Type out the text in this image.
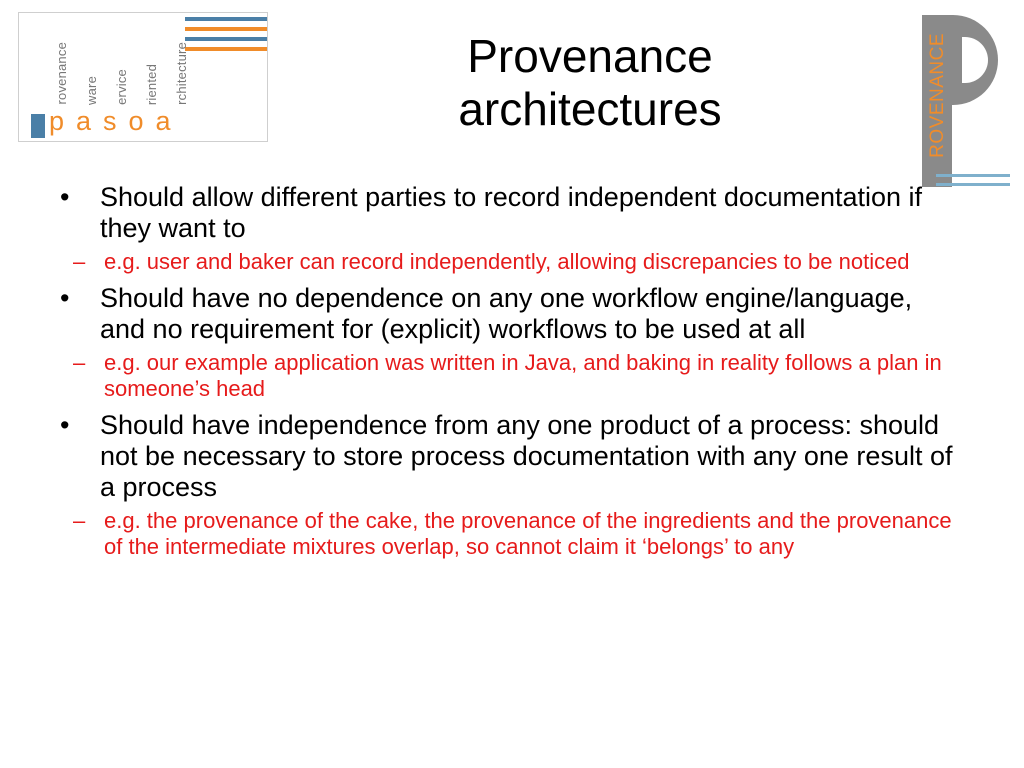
rovenance ware ervice riented rchitecture
pasoa	ROVENANCE
Provenance
architectures
• Should allow different parties to record independent documentation if they want to
– e.g. user and baker can record independently, allowing discrepancies to be noticed
• Should have no dependence on any one workflow engine/language, and no requirement for (explicit) workflows to be used at all
– e.g. our example application was written in Java, and baking in reality follows a plan in someone’s head
• Should have independence from any one product of a process: should not be necessary to store process documentation with any one result of a process
– e.g. the provenance of the cake, the provenance of the ingredients and the provenance of the intermediate mixtures overlap, so cannot claim it ‘belongs’ to any
